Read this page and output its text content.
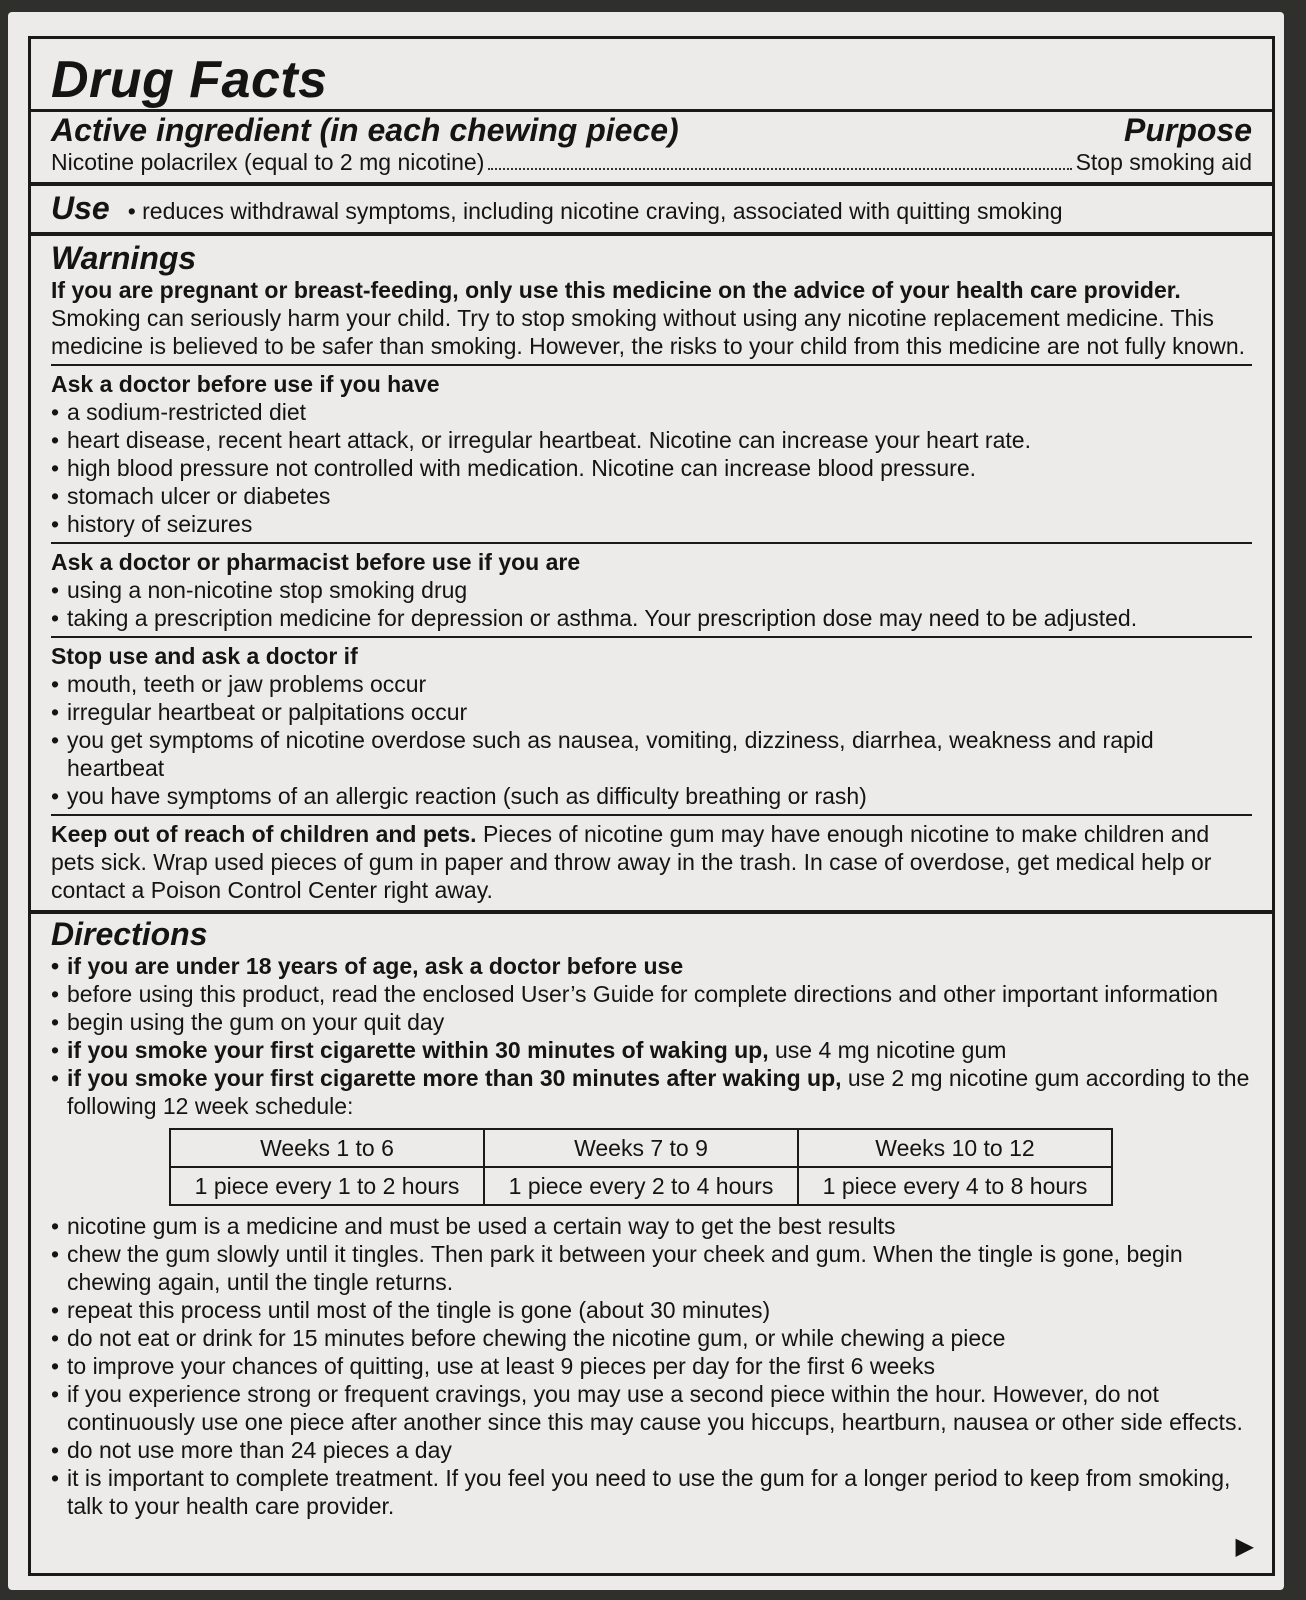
Drug Facts
Active ingredient (in each chewing piece)	Purpose
Nicotine polacrilex (equal to 2 mg nicotine)	Stop smoking aid
Use • reduces withdrawal symptoms, including nicotine craving, associated with quitting smoking
Warnings
If you are pregnant or breast-feeding, only use this medicine on the advice of your health care provider. Smoking can seriously harm your child. Try to stop smoking without using any nicotine replacement medicine. This medicine is believed to be safer than smoking. However, the risks to your child from this medicine are not fully known.
Ask a doctor before use if you have
• a sodium-restricted diet
• heart disease, recent heart attack, or irregular heartbeat. Nicotine can increase your heart rate.
• high blood pressure not controlled with medication. Nicotine can increase blood pressure.
• stomach ulcer or diabetes
• history of seizures
Ask a doctor or pharmacist before use if you are
• using a non-nicotine stop smoking drug
• taking a prescription medicine for depression or asthma. Your prescription dose may need to be adjusted.
Stop use and ask a doctor if
• mouth, teeth or jaw problems occur
• irregular heartbeat or palpitations occur
• you get symptoms of nicotine overdose such as nausea, vomiting, dizziness, diarrhea, weakness and rapid heartbeat
• you have symptoms of an allergic reaction (such as difficulty breathing or rash)
Keep out of reach of children and pets. Pieces of nicotine gum may have enough nicotine to make children and pets sick. Wrap used pieces of gum in paper and throw away in the trash. In case of overdose, get medical help or contact a Poison Control Center right away.
Directions
• if you are under 18 years of age, ask a doctor before use
• before using this product, read the enclosed User’s Guide for complete directions and other important information
• begin using the gum on your quit day
• if you smoke your first cigarette within 30 minutes of waking up, use 4 mg nicotine gum
• if you smoke your first cigarette more than 30 minutes after waking up, use 2 mg nicotine gum according to the following 12 week schedule:
Weeks 1 to 6	Weeks 7 to 9	Weeks 10 to 12
1 piece every 1 to 2 hours	1 piece every 2 to 4 hours	1 piece every 4 to 8 hours
• nicotine gum is a medicine and must be used a certain way to get the best results
• chew the gum slowly until it tingles. Then park it between your cheek and gum. When the tingle is gone, begin chewing again, until the tingle returns.
• repeat this process until most of the tingle is gone (about 30 minutes)
• do not eat or drink for 15 minutes before chewing the nicotine gum, or while chewing a piece
• to improve your chances of quitting, use at least 9 pieces per day for the first 6 weeks
• if you experience strong or frequent cravings, you may use a second piece within the hour. However, do not continuously use one piece after another since this may cause you hiccups, heartburn, nausea or other side effects.
• do not use more than 24 pieces a day
• it is important to complete treatment. If you feel you need to use the gum for a longer period to keep from smoking, talk to your health care provider.
▶
